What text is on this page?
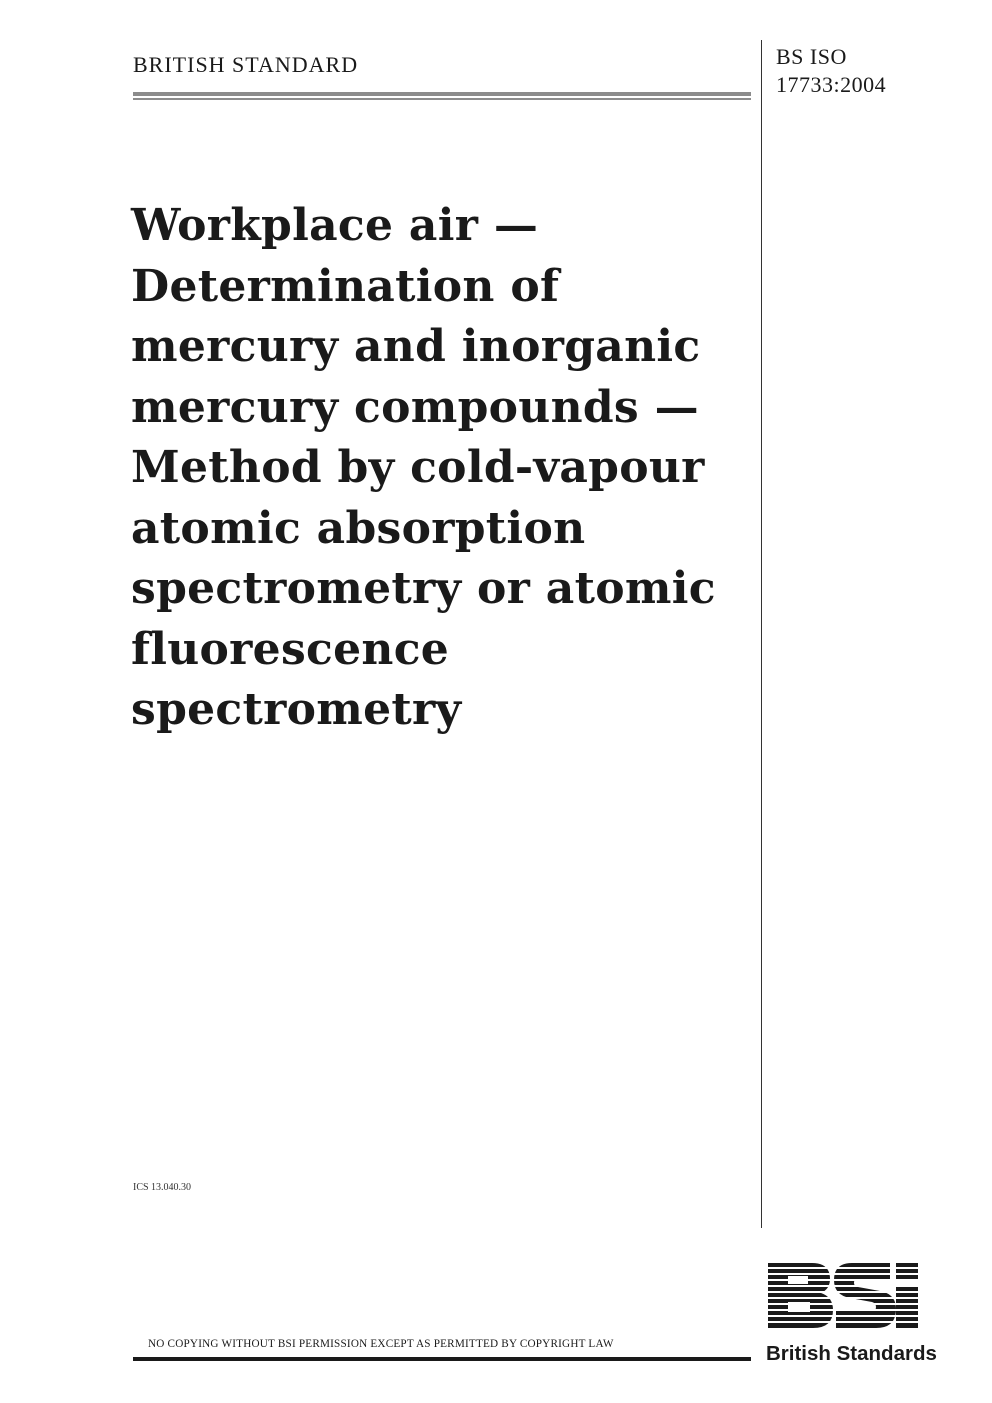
BRITISH STANDARD	BS ISO
17733:2004
Workplace air —
Determination of
mercury and inorganic
mercury compounds —
Method by cold-vapour
atomic absorption
spectrometry or atomic
fluorescence
spectrometry
ICS 13.040.30
NO COPYING WITHOUT BSI PERMISSION EXCEPT AS PERMITTED BY COPYRIGHT LAW	British Standards
